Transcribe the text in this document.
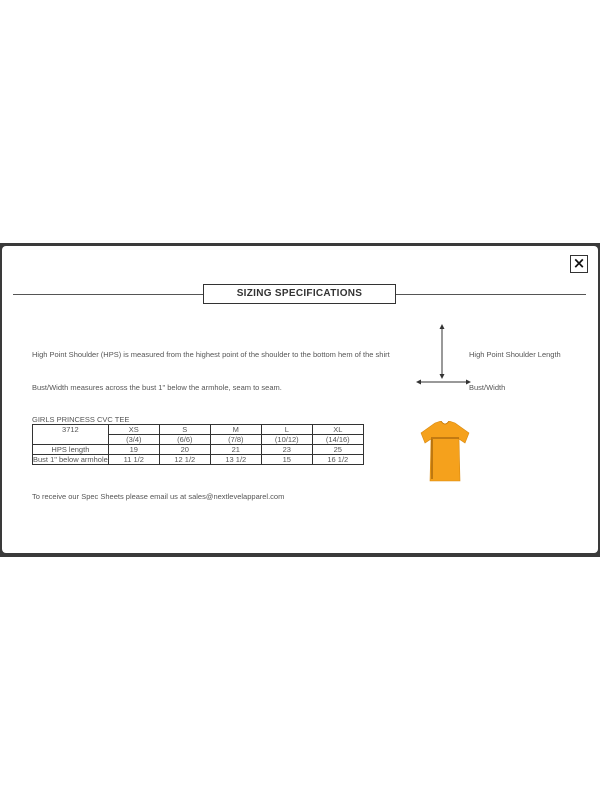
×
SIZING SPECIFICATIONS
High Point Shoulder (HPS) is measured from the highest point of the shoulder to the bottom hem of the shirt	High Point Shoulder Length
Bust/Width measures across the bust 1" below the armhole, seam to seam.	Bust/Width
GIRLS PRINCESS CVC TEE
3712	XS	S	M	L	XL
	(3/4)	(6/6)	(7/8)	(10/12)	(14/16)
HPS length	19	20	21	23	25
Bust 1" below armhole	11 1/2	12 1/2	13 1/2	15	16 1/2
To receive our Spec Sheets please email us at sales@nextlevelapparel.com
